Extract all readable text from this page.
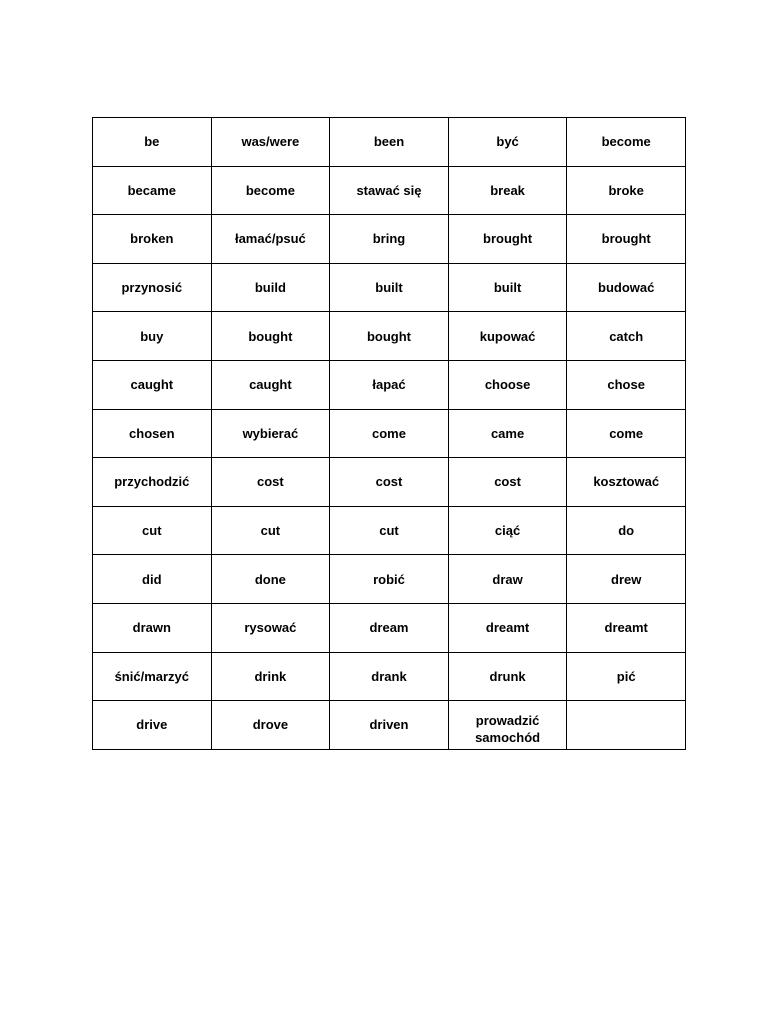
be	was/were	been	być	become
became	become	stawać się	break	broke
broken	łamać/psuć	bring	brought	brought
przynosić	build	built	built	budować
buy	bought	bought	kupować	catch
caught	caught	łapać	choose	chose
chosen	wybierać	come	came	come
przychodzić	cost	cost	cost	kosztować
cut	cut	cut	ciąć	do
did	done	robić	draw	drew
drawn	rysować	dream	dreamt	dreamt
śnić/marzyć	drink	drank	drunk	pić
drive	drove	driven	prowadzić samochód	
